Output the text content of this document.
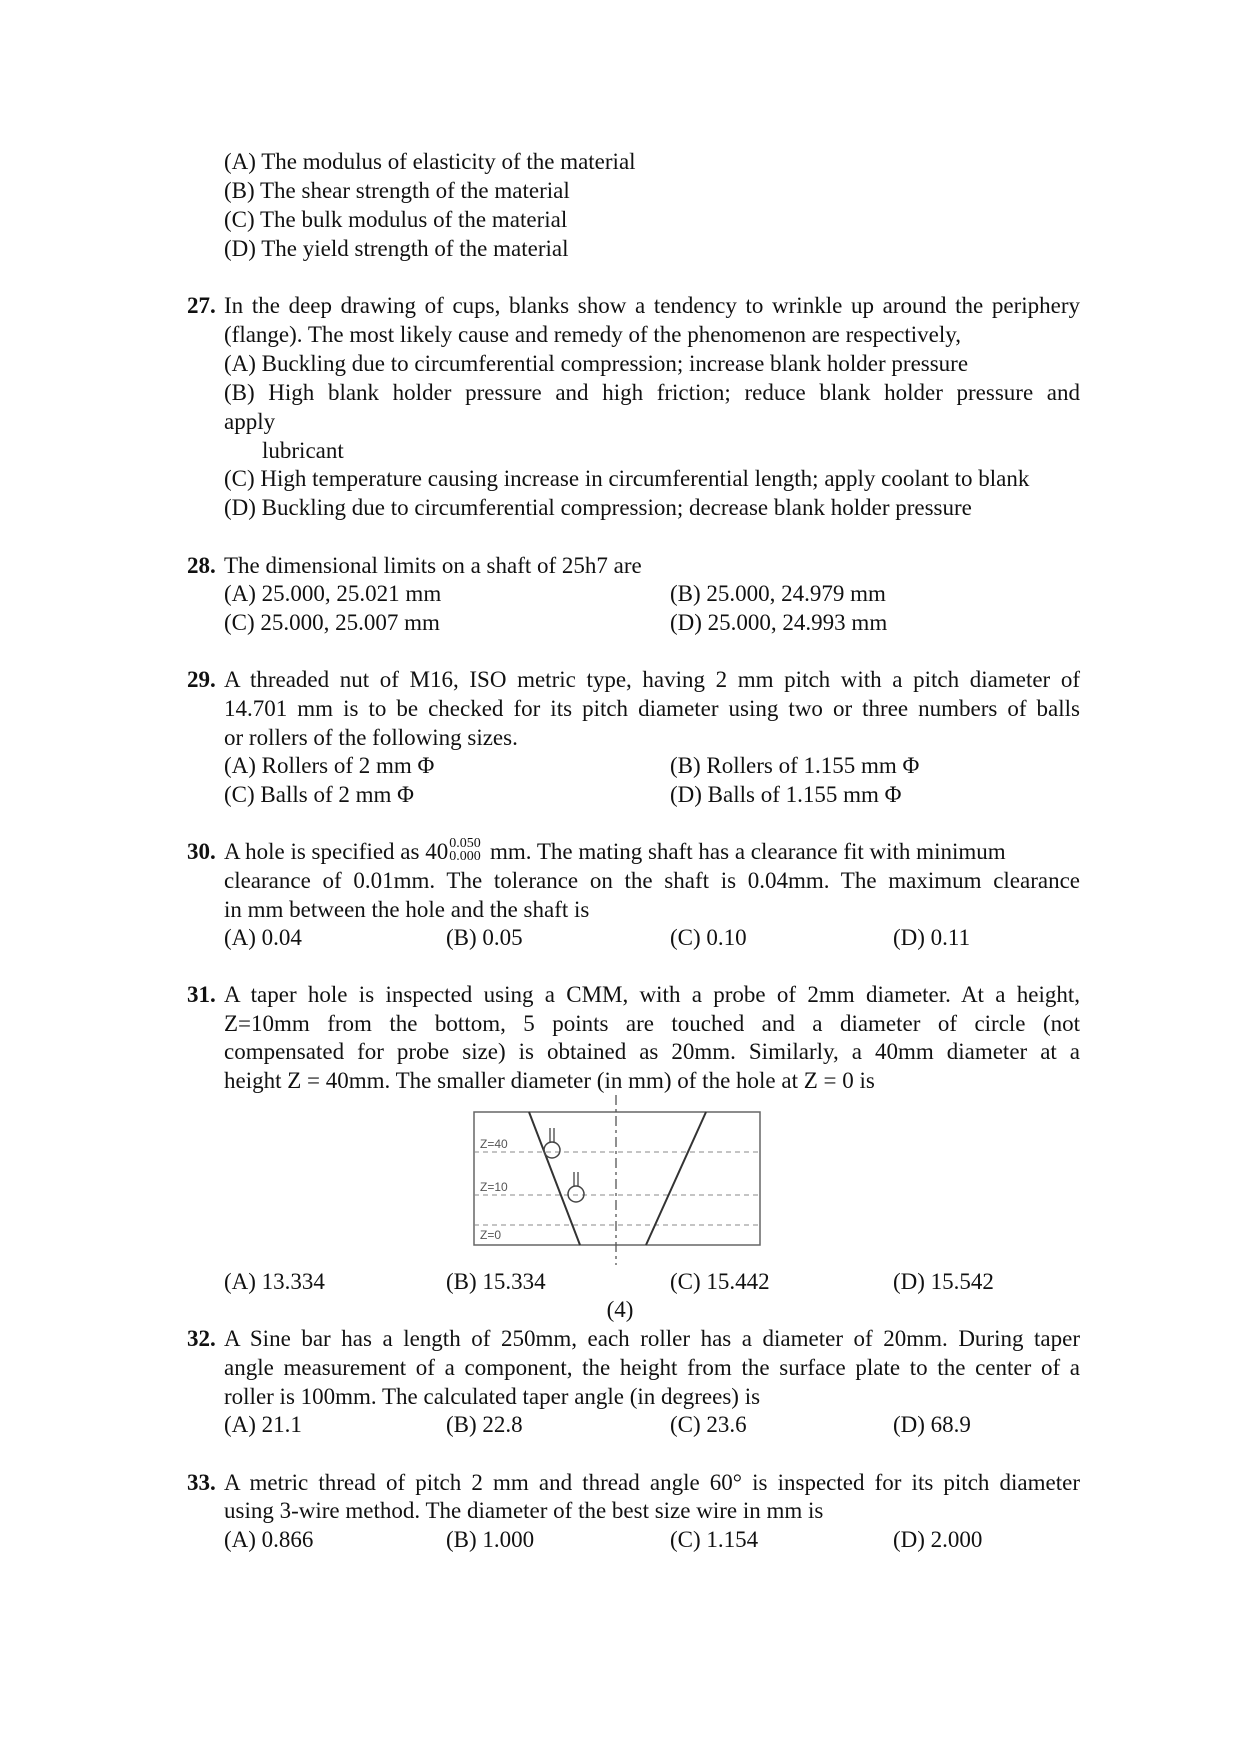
(A) The modulus of elasticity of the material
(B) The shear strength of the material
(C) The bulk modulus of the material
(D) The yield strength of the material
27. In the deep drawing of cups, blanks show a tendency to wrinkle up around the periphery
(flange). The most likely cause and remedy of the phenomenon are respectively,
(A) Buckling due to circumferential compression; increase blank holder pressure
(B) High blank holder pressure and high friction; reduce blank holder pressure and
apply
lubricant
(C) High temperature causing increase in circumferential length; apply coolant to blank
(D) Buckling due to circumferential compression; decrease blank holder pressure
28. The dimensional limits on a shaft of 25h7 are
(A) 25.000, 25.021 mm	(B) 25.000, 24.979 mm
(C) 25.000, 25.007 mm	(D) 25.000, 24.993 mm
29. A threaded nut of M16, ISO metric type, having 2 mm pitch with a pitch diameter of
14.701 mm is to be checked for its pitch diameter using two or three numbers of balls
or rollers of the following sizes.
(A) Rollers of 2 mm Φ	(B) Rollers of 1.155 mm Φ
(C) Balls of 2 mm Φ	(D) Balls of 1.155 mm Φ
30. A hole is specified as 40 0.050
0.000 mm. The mating shaft has a clearance fit with minimum
clearance of 0.01mm. The tolerance on the shaft is 0.04mm. The maximum clearance
in mm between the hole and the shaft is
(A) 0.04	(B) 0.05	(C) 0.10	(D) 0.11
31. A taper hole is inspected using a CMM, with a probe of 2mm diameter. At a height,
Z=10mm from the bottom, 5 points are touched and a diameter of circle (not
compensated for probe size) is obtained as 20mm. Similarly, a 40mm diameter at a
height Z = 40mm. The smaller diameter (in mm) of the hole at Z = 0 is
Z=40
Z=10
Z=0
(A) 13.334	(B) 15.334	(C) 15.442	(D) 15.542
(4)
32. A Sine bar has a length of 250mm, each roller has a diameter of 20mm. During taper
angle measurement of a component, the height from the surface plate to the center of a
roller is 100mm. The calculated taper angle (in degrees) is
(A) 21.1	(B) 22.8	(C) 23.6	(D) 68.9
33. A metric thread of pitch 2 mm and thread angle 60° is inspected for its pitch diameter
using 3-wire method. The diameter of the best size wire in mm is
(A) 0.866	(B) 1.000	(C) 1.154	(D) 2.000
